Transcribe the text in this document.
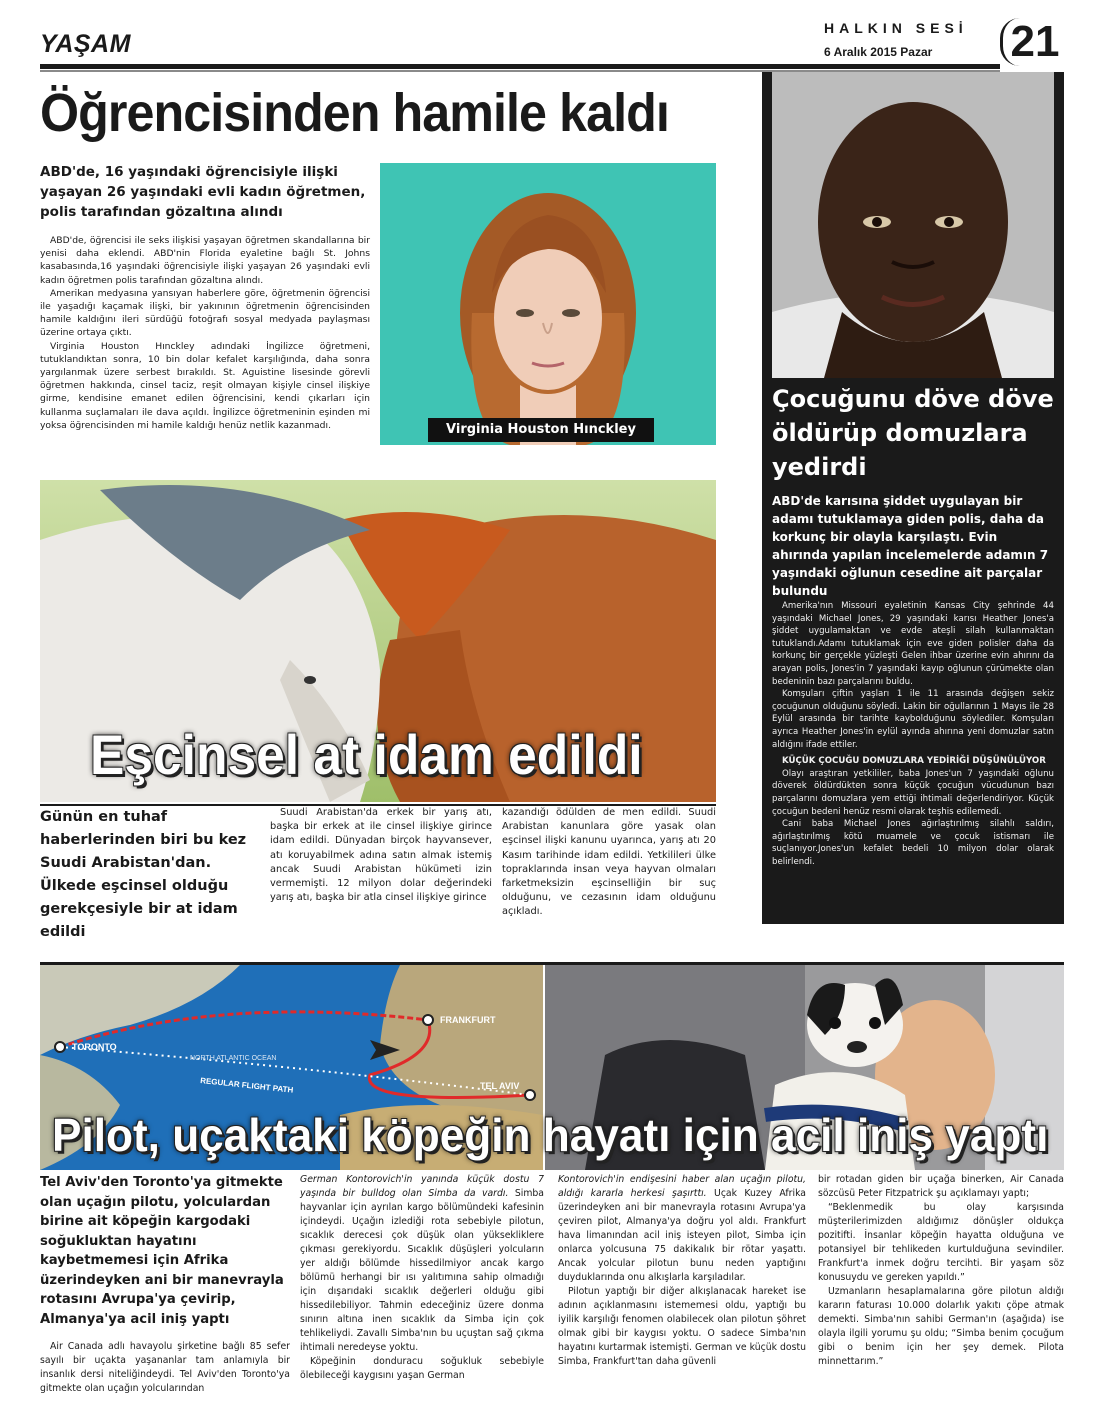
YAŞAM
HALKIN SESİ
6 Aralık 2015 Pazar 21
Öğrencisinden hamile kaldı
ABD'de, 16 yaşındaki öğrencisiyle ilişki yaşayan 26 yaşındaki evli kadın öğretmen, polis tarafından gözaltına alındı

ABD'de, öğrencisi ile seks ilişkisi yaşayan öğretmen skandallarına bir yenisi daha eklendi. ABD'nin Florida eyaletine bağlı St. Johns kasabasında,16 yaşındaki öğrencisiyle ilişki yaşayan 26 yaşındaki evli kadın öğretmen polis tarafından gözaltına alındı.

Amerikan medyasına yansıyan haberlere göre, öğretmenin öğrencisi ile yaşadığı kaçamak ilişki, bir yakınının öğretmenin öğrencisinden hamile kaldığını ileri sürdüğü fotoğrafı sosyal medyada paylaşması üzerine ortaya çıktı.

Virginia Houston Hınckley adındaki İngilizce öğretmeni, tutuklandıktan sonra, 10 bin dolar kefalet karşılığında, daha sonra yargılanmak üzere serbest bırakıldı. St. Aguistine lisesinde görevli öğretmen hakkında, cinsel taciz, reşit olmayan kişiyle cinsel ilişkiye girme, kendisine emanet edilen öğrencisini, kendi çıkarları için kullanma suçlamaları ile dava açıldı. İngilizce öğretmeninin eşinden mi yoksa öğrencisinden mi hamile kaldığı henüz netlik kazanmadı.	Virginia Houston Hınckley
Eşcinsel at idam edildi
Günün en tuhaf haberlerinden biri bu kez Suudi Arabistan'dan. Ülkede eşcinsel olduğu gerekçesiyle bir at idam edildi

Suudi Arabistan'da erkek bir yarış atı, başka bir erkek at ile cinsel ilişkiye girince idam edildi. Dünyadan birçok hayvansever, atı koruyabilmek adına satın almak istemiş ancak Suudi Arabistan hükümeti izin vermemişti. 12 milyon dolar değerindeki yarış atı, başka bir atla cinsel ilişkiye girince

kazandığı ödülden de men edildi. Suudi Arabistan kanunlara göre yasak olan eşcinsel ilişki kanunu uyarınca, yarış atı 20 Kasım tarihinde idam edildi. Yetkilileri ülke topraklarında insan veya hayvan olmaları farketmeksizin eşcinselliğin bir suç olduğunu, ve cezasının idam olduğunu açıkladı.

Çocuğunu döve döve öldürüp domuzlara yedirdi
ABD'de karısına şiddet uygulayan bir adamı tutuklamaya giden polis, daha da korkunç bir olayla karşılaştı. Evin ahırında yapılan incelemelerde adamın 7 yaşındaki oğlunun cesedine ait parçalar bulundu

Amerika'nın Missouri eyaletinin Kansas City şehrinde 44 yaşındaki Michael Jones, 29 yaşındaki karısı Heather Jones'a şiddet uygulamaktan ve evde ateşli silah kullanmaktan tutuklandı.Adamı tutuklamak için eve giden polisler daha da korkunç bir gerçekle yüzleşti Gelen ihbar üzerine evin ahırını da arayan polis, Jones'in 7 yaşındaki kayıp oğlunun çürümekte olan bedeninin bazı parçalarını buldu.

Komşuları çiftin yaşları 1 ile 11 arasında değişen sekiz çocuğunun olduğunu söyledi. Lakin bir oğullarının 1 Mayıs ile 28 Eylül arasında bir tarihte kaybolduğunu söylediler. Komşuları ayrıca Heather Jones'in eylül ayında ahırına yeni domuzlar satın aldığını ifade ettiler.

KÜÇÜK ÇOCUĞU DOMUZLARA YEDİRİĞİ DÜŞÜNÜLÜYOR

Olayı araştıran yetkililer, baba Jones'un 7 yaşındaki oğlunu döverek öldürdükten sonra küçük çocuğun vücudunun bazı parçalarını domuzlara yem ettiği ihtimali değerlendiriyor. Küçük çocuğun bedeni henüz resmi olarak teşhis edilemedi.

Cani baba Michael Jones ağırlaştırılmış silahlı saldırı, ağırlaştırılmış kötü muamele ve çocuk istismarı ile suçlanıyor.Jones'un kefalet bedeli 10 milyon dolar olarak belirlendi.

TORONTO
FRANKFURT
NORTH ATLANTIC OCEAN
REGULAR FLIGHT PATH	TEL AVIV
Pilot, uçaktaki köpeğin hayatı için acil iniş yaptı
Tel Aviv'den Toronto'ya gitmekte olan uçağın pilotu, yolculardan birine ait köpeğin kargodaki soğukluktan hayatını kaybetmemesi için Afrika üzerindeyken ani bir manevrayla rotasını Avrupa'ya çevirip, Almanya'ya acil iniş yaptı

Air Canada adlı havayolu şirketine bağlı 85 sefer sayılı bir uçakta yaşananlar tam anlamıyla bir insanlık dersi niteliğindeydi. Tel Aviv'den Toronto'ya gitmekte olan uçağın yolcularından

German Kontorovich'in yanında küçük dostu 7 yaşında bir bulldog olan Simba da vardı. Simba hayvanlar için ayrılan kargo bölümündeki kafesinin içindeydi. Uçağın izlediği rota sebebiyle pilotun, sıcaklık derecesi çok düşük olan yüksekliklere çıkması gerekiyordu. Sıcaklık düşüşleri yolcuların yer aldığı bölümde hissedilmiyor ancak kargo bölümü herhangi bir ısı yalıtımına sahip olmadığı için dışarıdaki sıcaklık değerleri olduğu gibi hissedilebiliyor. Tahmin edeceğiniz üzere donma sınırın altına inen sıcaklık da Simba için çok tehlikeliydi. Zavallı Simba'nın bu uçuştan sağ çıkma ihtimali neredeyse yoktu.

Köpeğinin donduracu soğukluk sebebiyle ölebileceği kaygısını yaşan German

Kontorovich'in endişesini haber alan uçağın pilotu, aldığı kararla herkesi şaşırttı. Uçak Kuzey Afrika üzerindeyken ani bir manevrayla rotasını Avrupa'ya çeviren pilot, Almanya'ya doğru yol aldı. Frankfurt hava limanından acil iniş isteyen pilot, Simba için onlarca yolcusuna 75 dakikalık bir rötar yaşattı. Ancak yolcular pilotun bunu neden yaptığını duyduklarında onu alkışlarla karşıladılar.

Pilotun yaptığı bir diğer alkışlanacak hareket ise adının açıklanmasını istememesi oldu, yaptığı bu iyilik karşılığı fenomen olabilecek olan pilotun şöhret olmak gibi bir kaygısı yoktu. O sadece Simba'nın hayatını kurtarmak istemişti. German ve küçük dostu Simba, Frankfurt'tan daha güvenli

bir rotadan giden bir uçağa binerken, Air Canada sözcüsü Peter Fitzpatrick şu açıklamayı yaptı;

“Beklenmedik bu olay karşısında müşterilerimizden aldığımız dönüşler oldukça pozitifti. İnsanlar köpeğin hayatta olduğuna ve potansiyel bir tehlikeden kurtulduğuna sevindiler. Frankfurt'a inmek doğru tercihti. Bir yaşam söz konusuydu ve gereken yapıldı.”

Uzmanların hesaplamalarına göre pilotun aldığı kararın faturası 10.000 dolarlık yakıtı çöpe atmak demekti. Simba'nın sahibi German'ın (aşağıda) ise olayla ilgili yorumu şu oldu; “Simba benim çocuğum gibi o benim için her şey demek. Pilota minnettarım.”
